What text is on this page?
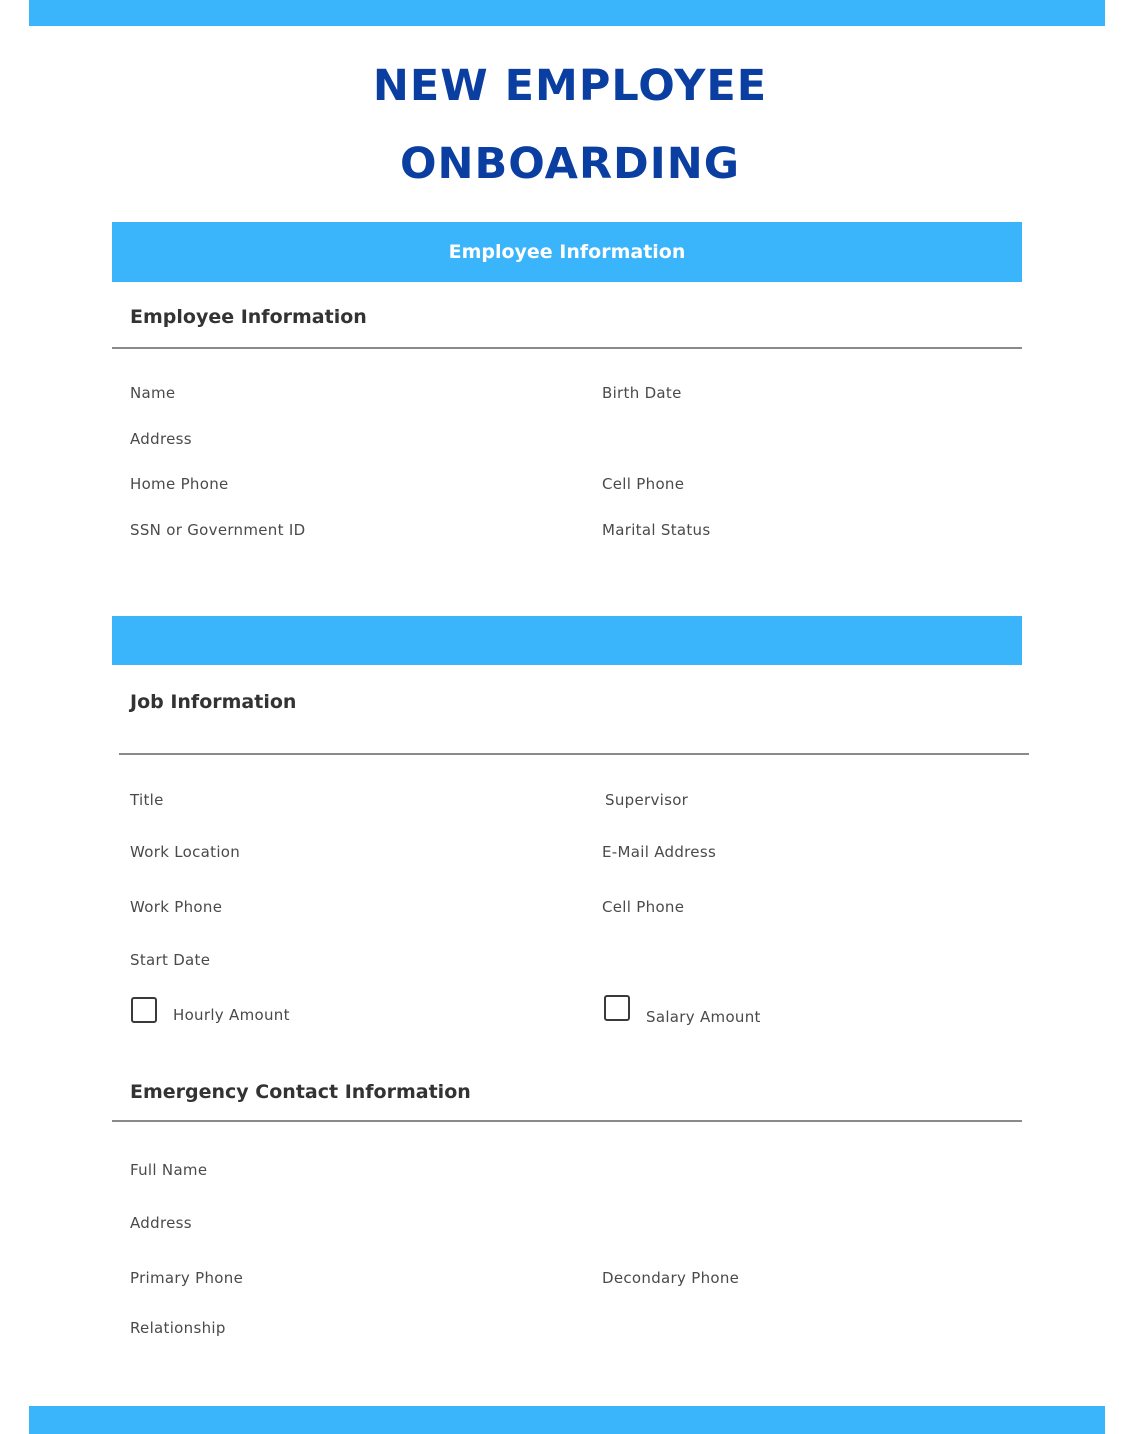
NEW EMPLOYEE
ONBOARDING
Employee Information
Employee Information
Name	Birth Date
Address
Home Phone	Cell Phone
SSN or Government ID	Marital Status
Job Information
Title	Supervisor
Work Location	E-Mail Address
Work Phone	Cell Phone
Start Date
Hourly Amount	Salary Amount
Emergency Contact Information
Full Name
Address
Primary Phone	Decondary Phone
Relationship
